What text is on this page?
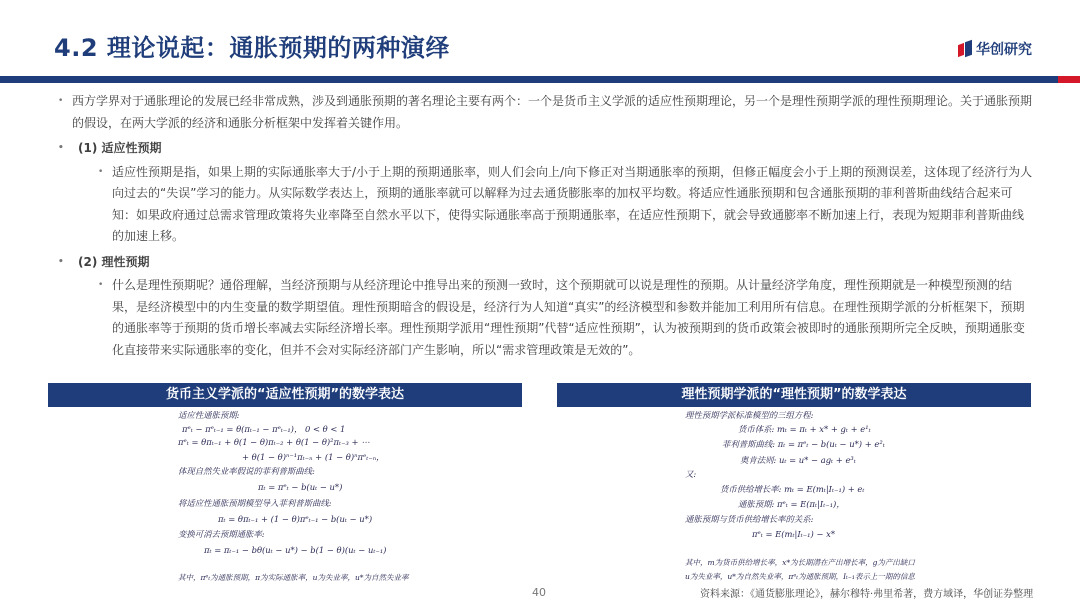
4.2 理论说起：通胀预期的两种演绎	华创研究
• 西方学界对于通胀理论的发展已经非常成熟，涉及到通胀预期的著名理论主要有两个：一个是货币主义学派的适应性预期理论，另一个是理性预期学派的理性预期理论。关于通胀预期的假设，在两大学派的经济和通胀分析框架中发挥着关键作用。
• (1) 适应性预期
• 适应性预期是指，如果上期的实际通胀率大于/小于上期的预期通胀率，则人们会向上/向下修正对当期通胀率的预期，但修正幅度会小于上期的预测误差，这体现了经济行为人向过去的“失误”学习的能力。从实际数学表达上，预期的通胀率就可以解释为过去通货膨胀率的加权平均数。将适应性通胀预期和包含通胀预期的菲利普斯曲线结合起来可知：如果政府通过总需求管理政策将失业率降至自然水平以下，使得实际通胀率高于预期通胀率，在适应性预期下，就会导致通膨率不断加速上行，表现为短期菲利普斯曲线的加速上移。
• (2) 理性预期
• 什么是理性预期呢？通俗理解，当经济预期与从经济理论中推导出来的预测一致时，这个预期就可以说是理性的预期。从计量经济学角度，理性预期就是一种模型预测的结果，是经济模型中的内生变量的数学期望值。理性预期暗含的假设是，经济行为人知道“真实”的经济模型和参数并能加工利用所有信息。在理性预期学派的分析框架下，预期的通胀率等于预期的货币增长率减去实际经济增长率。理性预期学派用“理性预期”代替“适应性预期”，认为被预期到的货币政策会被即时的通胀预期所完全反映，预期通胀变化直接带来实际通胀率的变化，但并不会对实际经济部门产生影响，所以“需求管理政策是无效的”。
货币主义学派的“适应性预期”的数学表达	理性预期学派的“理性预期”的数学表达
适应性通胀预期:
πᵉₜ − πᵉₜ₋₁ = θ(πₜ₋₁ − πᵉₜ₋₁)， 0 < θ < 1
πᵉₜ = θπₜ₋₁ + θ(1 − θ)πₜ₋₂ + θ(1 − θ)²πₜ₋₃ + ⋯
+ θ(1 − θ)ⁿ⁻¹πₜ₋ₙ + (1 − θ)ⁿπᵉₜ₋ₙ，
体现自然失业率假说的菲利普斯曲线:
πₜ = πᵉₜ − b(uₜ − u*)
将适应性通胀预期模型导入菲利普斯曲线:
πₜ = θπₜ₋₁ + (1 − θ)πᵉₜ₋₁ − b(uₜ − u*)
变换可消去预期通胀率:
πₜ = πₜ₋₁ − bθ(uₜ − u*) − b(1 − θ)(uₜ − uₜ₋₁)
其中，πᵉₜ为通胀预期，π为实际通胀率，u为失业率，u*为自然失业率
理性预期学派标准模型的三组方程:
货币体系: mₜ = πₜ + x* + gₜ + e¹ₜ
菲利普斯曲线: πₜ = πᵉₜ − b(uₜ − u*) + e²ₜ
奥肯法则: uₜ = u* − agₜ + e³ₜ
又:
货币供给增长率: mₜ = E(mₜ|Iₜ₋₁) + eₜ
通胀预期: πᵉₜ = E(πₜ|Iₜ₋₁)，
通胀预期与货币供给增长率的关系:
πᵉₜ = E(mₜ|Iₜ₋₁) − x*
其中，m为货币供给增长率，x*为长期潜在产出增长率，g为产出缺口
u为失业率，u*为自然失业率，πᵉₜ为通胀预期，Iₜ₋₁表示上一期的信息
40	资料来源：《通货膨胀理论》，赫尔穆特·弗里希著，费方域译，华创证券整理
